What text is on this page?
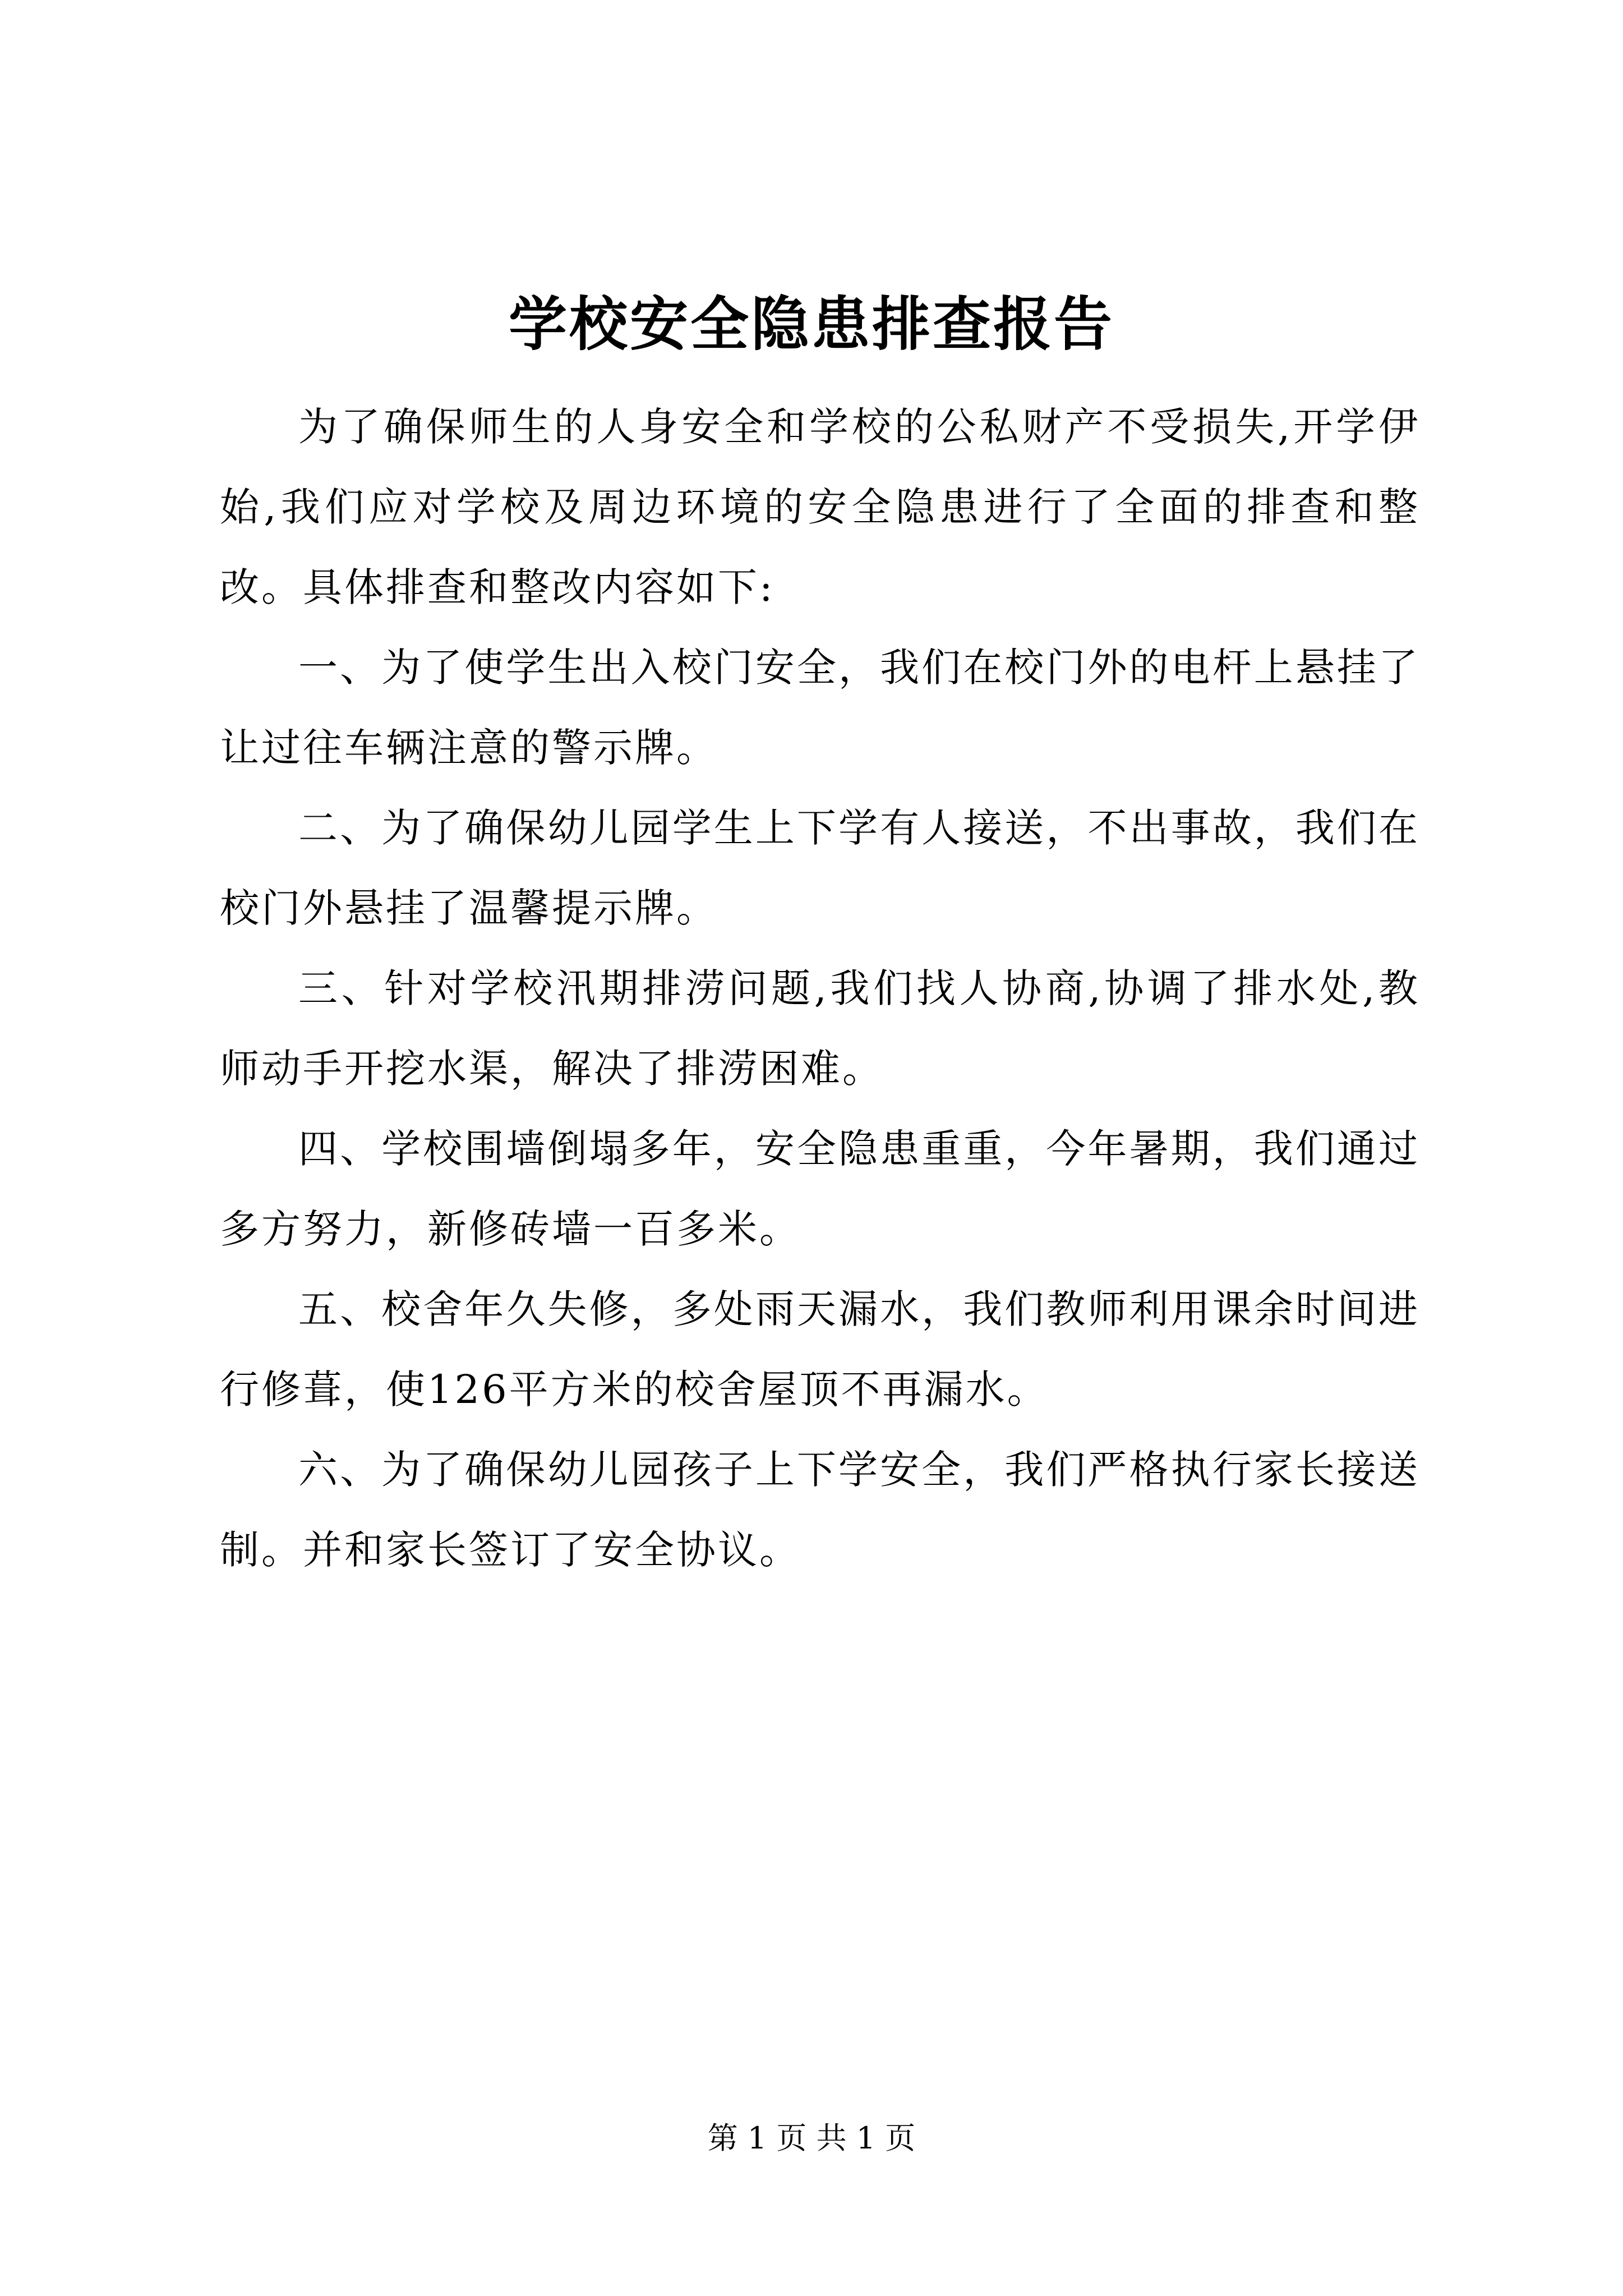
学校安全隐患排查报告

为了确保师生的人身安全和学校的公私财产不受损失,开学伊始,我们应对学校及周边环境的安全隐患进行了全面的排查和整改。具体排查和整改内容如下:

一、为了使学生出入校门安全，我们在校门外的电杆上悬挂了让过往车辆注意的警示牌。

二、为了确保幼儿园学生上下学有人接送，不出事故，我们在校门外悬挂了温馨提示牌。

三、针对学校汛期排涝问题,我们找人协商,协调了排水处,教师动手开挖水渠，解决了排涝困难。

四、学校围墙倒塌多年，安全隐患重重，今年暑期，我们通过多方努力，新修砖墙一百多米。

五、校舍年久失修，多处雨天漏水，我们教师利用课余时间进行修葺，使126平方米的校舍屋顶不再漏水。

六、为了确保幼儿园孩子上下学安全，我们严格执行家长接送制。并和家长签订了安全协议。

第 1 页 共 1 页
